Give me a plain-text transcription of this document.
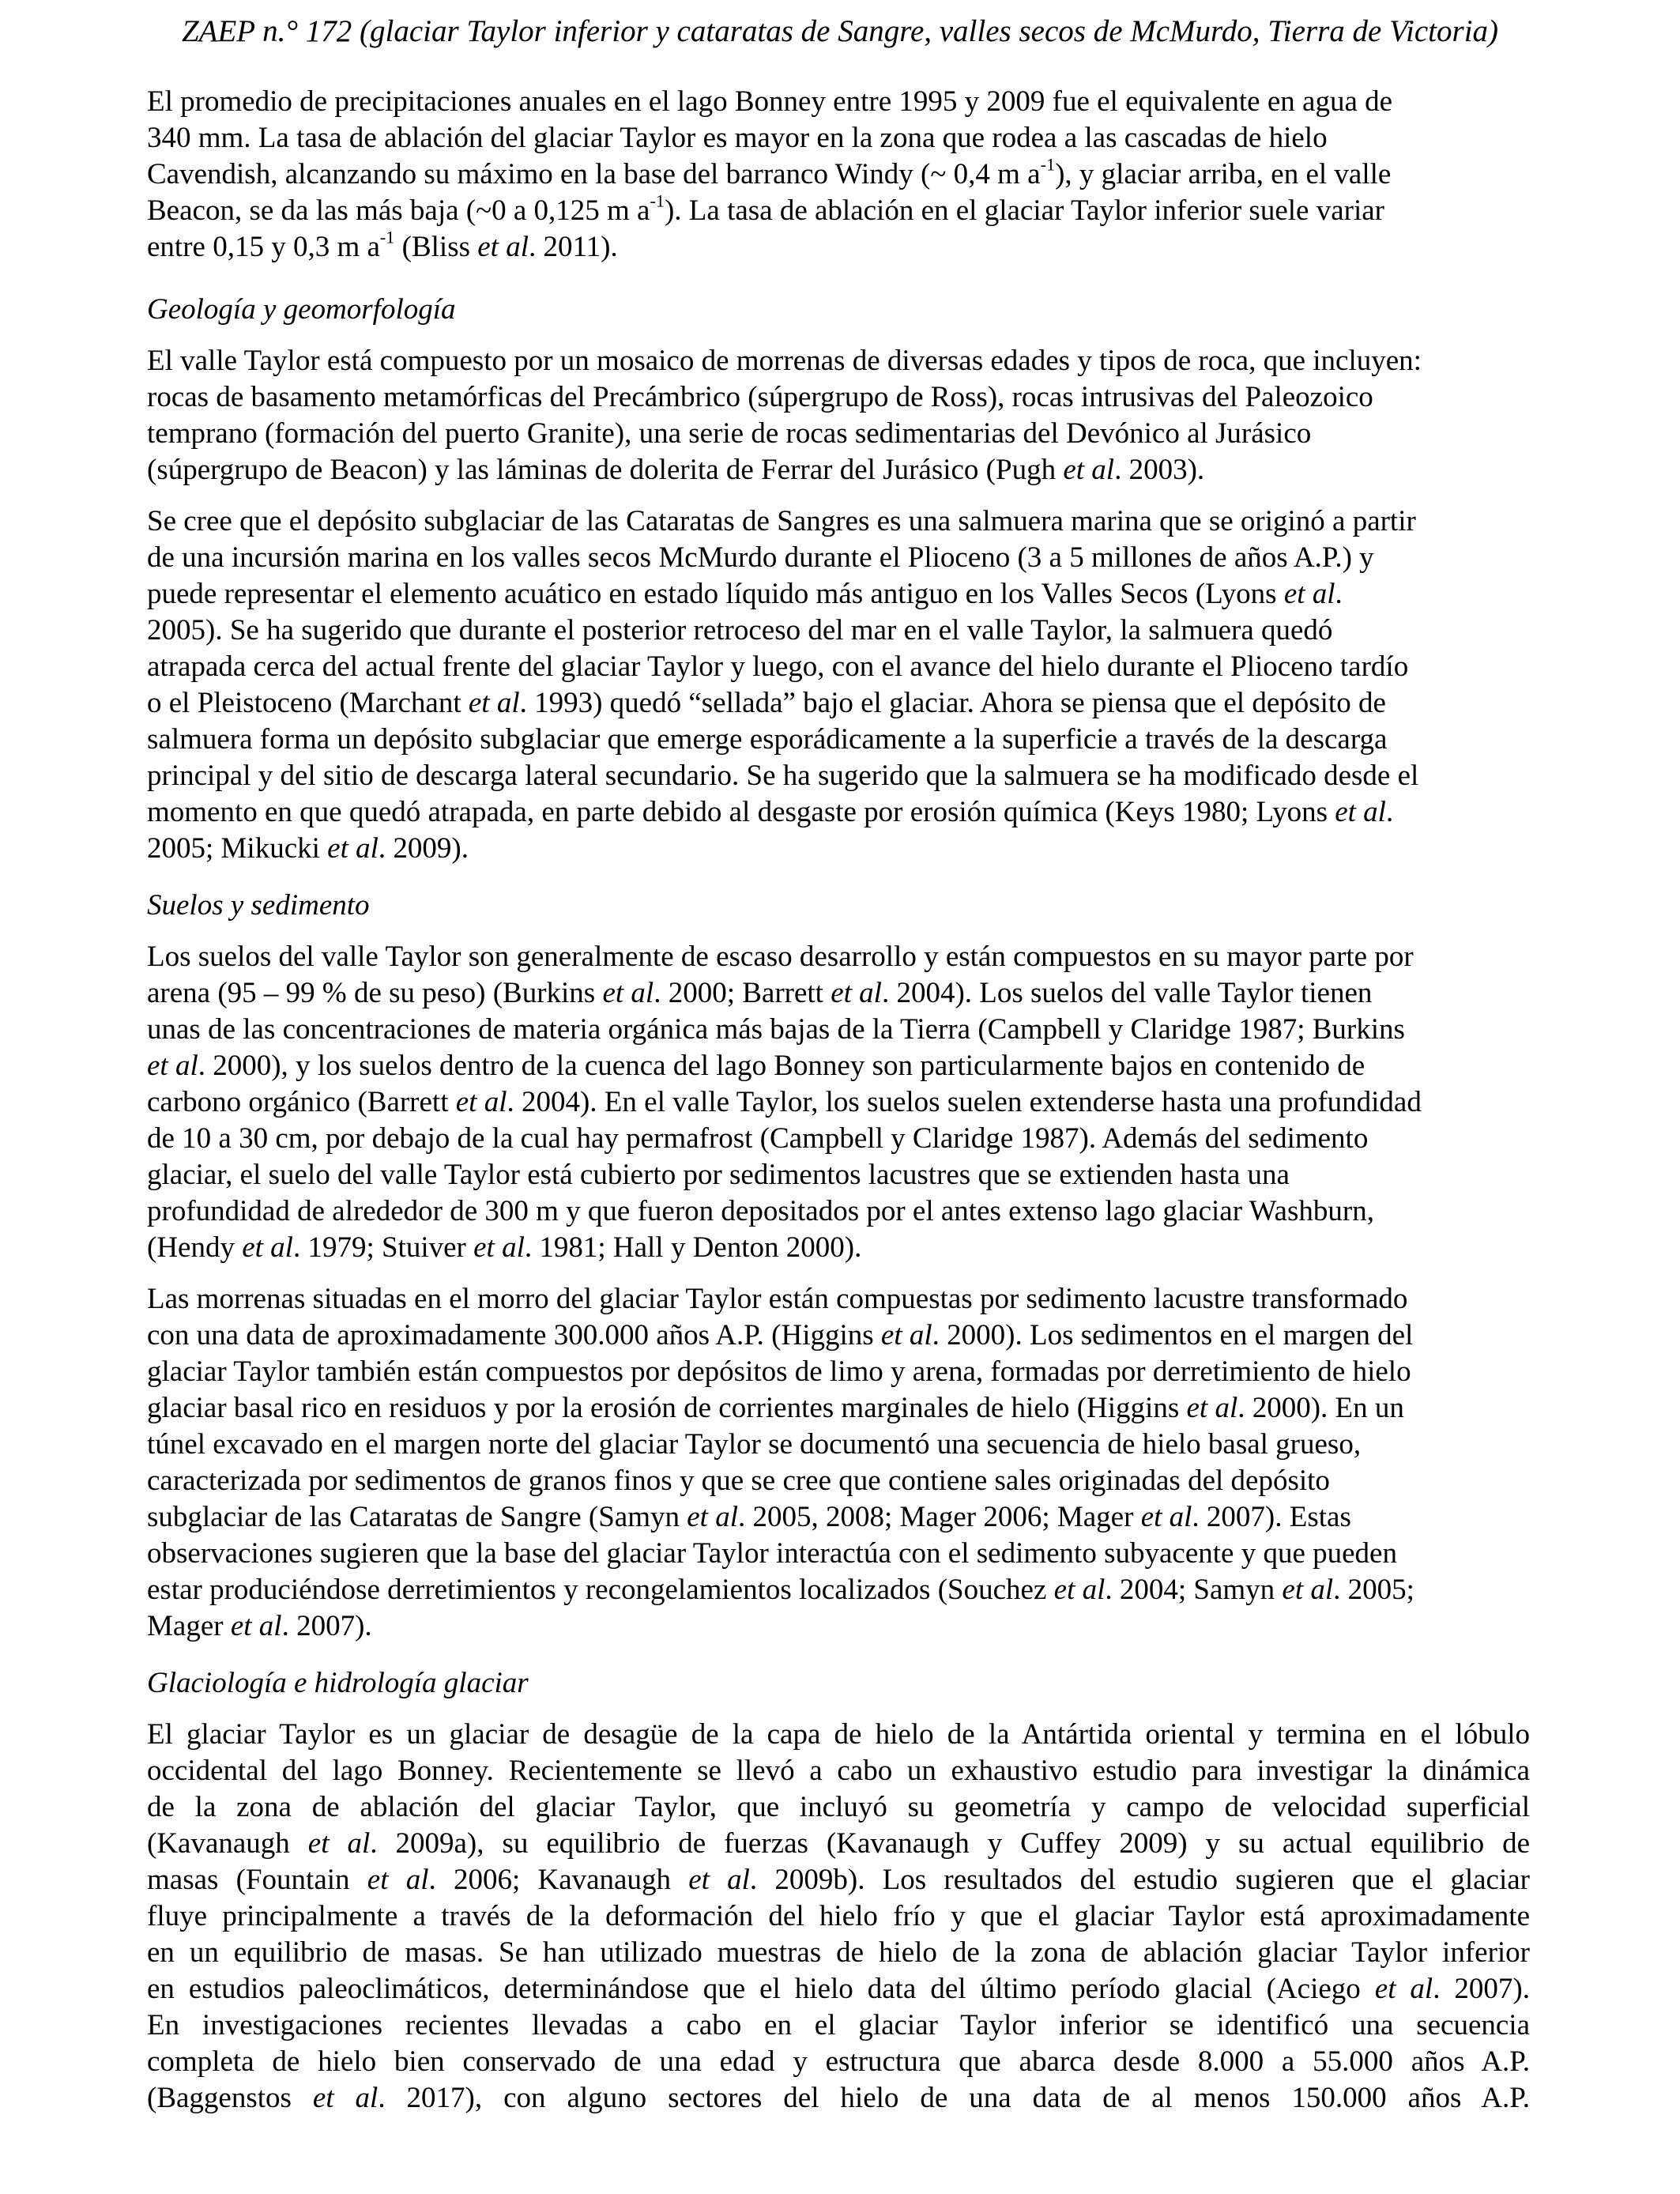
ZAEP n.° 172 (glaciar Taylor inferior y cataratas de Sangre, valles secos de McMurdo, Tierra de Victoria)

El promedio de precipitaciones anuales en el lago Bonney entre 1995 y 2009 fue el equivalente en agua de
340 mm. La tasa de ablación del glaciar Taylor es mayor en la zona que rodea a las cascadas de hielo
Cavendish, alcanzando su máximo en la base del barranco Windy (~ 0,4 m $a^{-1}$), y glaciar arriba, en el valle
Beacon, se da las más baja (~0 a 0,125 m $a^{-1}$). La tasa de ablación en el glaciar Taylor inferior suele variar
entre 0,15 y 0,3 m $a^{-1}$ (Bliss et al. 2011).

Geología y geomorfología

El valle Taylor está compuesto por un mosaico de morrenas de diversas edades y tipos de roca, que incluyen:
rocas de basamento metamórficas del Precámbrico (súpergrupo de Ross), rocas intrusivas del Paleozoico
temprano (formación del puerto Granite), una serie de rocas sedimentarias del Devónico al Jurásico
(súpergrupo de Beacon) y las láminas de dolerita de Ferrar del Jurásico (Pugh et al. 2003).

Se cree que el depósito subglaciar de las Cataratas de Sangres es una salmuera marina que se originó a partir
de una incursión marina en los valles secos McMurdo durante el Plioceno (3 a 5 millones de años A.P.) y
puede representar el elemento acuático en estado líquido más antiguo en los Valles Secos (Lyons et al.
2005). Se ha sugerido que durante el posterior retroceso del mar en el valle Taylor, la salmuera quedó
atrapada cerca del actual frente del glaciar Taylor y luego, con el avance del hielo durante el Plioceno tardío
o el Pleistoceno (Marchant et al. 1993) quedó “sellada” bajo el glaciar. Ahora se piensa que el depósito de
salmuera forma un depósito subglaciar que emerge esporádicamente a la superficie a través de la descarga
principal y del sitio de descarga lateral secundario. Se ha sugerido que la salmuera se ha modificado desde el
momento en que quedó atrapada, en parte debido al desgaste por erosión química (Keys 1980; Lyons et al.
2005; Mikucki et al. 2009).

Suelos y sedimento

Los suelos del valle Taylor son generalmente de escaso desarrollo y están compuestos en su mayor parte por
arena (95 – 99 % de su peso) (Burkins et al. 2000; Barrett et al. 2004). Los suelos del valle Taylor tienen
unas de las concentraciones de materia orgánica más bajas de la Tierra (Campbell y Claridge 1987; Burkins
et al. 2000), y los suelos dentro de la cuenca del lago Bonney son particularmente bajos en contenido de
carbono orgánico (Barrett et al. 2004). En el valle Taylor, los suelos suelen extenderse hasta una profundidad
de 10 a 30 cm, por debajo de la cual hay permafrost (Campbell y Claridge 1987). Además del sedimento
glaciar, el suelo del valle Taylor está cubierto por sedimentos lacustres que se extienden hasta una
profundidad de alrededor de 300 m y que fueron depositados por el antes extenso lago glaciar Washburn,
(Hendy et al. 1979; Stuiver et al. 1981; Hall y Denton 2000).

Las morrenas situadas en el morro del glaciar Taylor están compuestas por sedimento lacustre transformado
con una data de aproximadamente 300.000 años A.P. (Higgins et al. 2000). Los sedimentos en el margen del
glaciar Taylor también están compuestos por depósitos de limo y arena, formadas por derretimiento de hielo
glaciar basal rico en residuos y por la erosión de corrientes marginales de hielo (Higgins et al. 2000). En un
túnel excavado en el margen norte del glaciar Taylor se documentó una secuencia de hielo basal grueso,
caracterizada por sedimentos de granos finos y que se cree que contiene sales originadas del depósito
subglaciar de las Cataratas de Sangre (Samyn et al. 2005, 2008; Mager 2006; Mager et al. 2007). Estas
observaciones sugieren que la base del glaciar Taylor interactúa con el sedimento subyacente y que pueden
estar produciéndose derretimientos y recongelamientos localizados (Souchez et al. 2004; Samyn et al. 2005;
Mager et al. 2007).

Glaciología e hidrología glaciar

El glaciar Taylor es un glaciar de desagüe de la capa de hielo de la Antártida oriental y termina en el lóbulo
occidental del lago Bonney. Recientemente se llevó a cabo un exhaustivo estudio para investigar la dinámica
de la zona de ablación del glaciar Taylor, que incluyó su geometría y campo de velocidad superficial
(Kavanaugh et al. 2009a), su equilibrio de fuerzas (Kavanaugh y Cuffey 2009) y su actual equilibrio de
masas (Fountain et al. 2006; Kavanaugh et al. 2009b). Los resultados del estudio sugieren que el glaciar
fluye principalmente a través de la deformación del hielo frío y que el glaciar Taylor está aproximadamente
en un equilibrio de masas. Se han utilizado muestras de hielo de la zona de ablación glaciar Taylor inferior
en estudios paleoclimáticos, determinándose que el hielo data del último período glacial (Aciego et al. 2007).
En investigaciones recientes llevadas a cabo en el glaciar Taylor inferior se identificó una secuencia
completa de hielo bien conservado de una edad y estructura que abarca desde 8.000 a 55.000 años A.P.
(Baggenstos et al. 2017), con alguno sectores del hielo de una data de al menos 150.000 años A.P.
